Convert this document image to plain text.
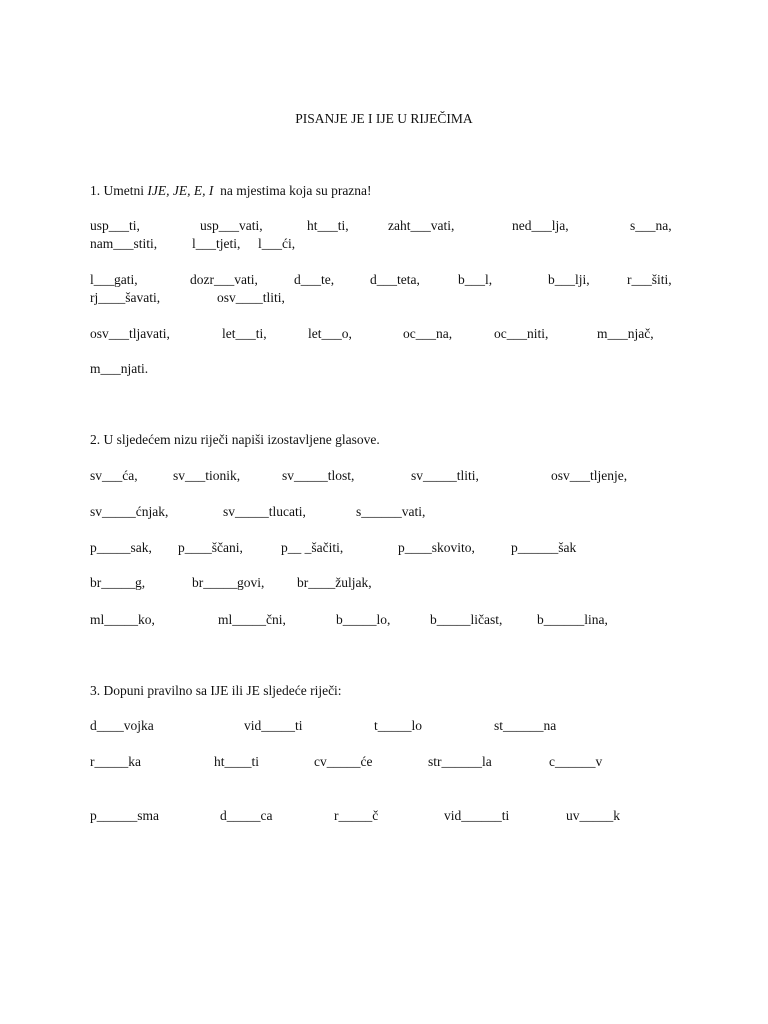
PISANJE JE I IJE U RIJEČIMA
1. Umetni IJE, JE, E, I  na mjestima koja su prazna!
usp___ti,	usp___vati,	ht___ti,	zaht___vati,	ned___lja,	s___na,
nam___stiti,	l___tjeti, l___ći,
l___gati,	dozr___vati,	d___te,	d___teta,	b___l,	b___lji,	r___šiti,
rj____šavati,	osv____tliti,
osv___tljavati,	let___ti,	let___o,	oc___na,	oc___niti,	m___njač,
m___njati.
2. U sljedećem nizu riječi napiši izostavljene glasove.
sv___ća,	sv___tionik,	sv_____tlost,	sv_____tliti,	osv___tljenje,
sv_____ćnjak,	sv_____tlucati,	s______vati,
p_____sak, p____ščani,	p__ _šačiti,	p____skovito,	p______šak
br_____g,	br_____govi, br____žuljak,
ml_____ko,	ml_____čni,	b_____lo,	b_____ličast,	b______lina,
3. Dopuni pravilno sa IJE ili JE sljedeće riječi:
d____vojka	vid_____ti	t_____lo	st______na
r_____ka	ht____ti	cv_____će	str______la	c______v
p______sma	d_____ca	r_____č	vid______ti	uv_____k
